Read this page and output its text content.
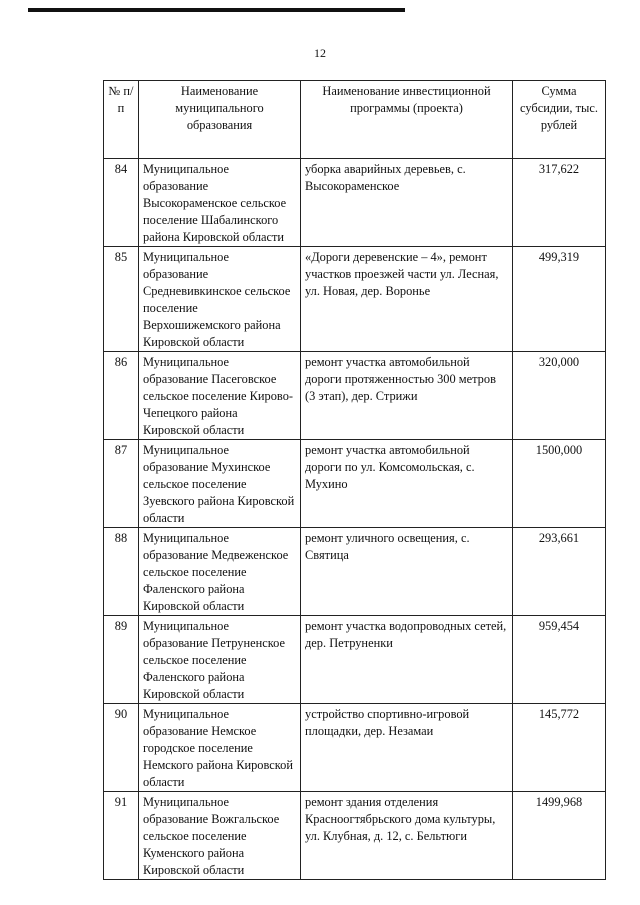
12
№ п/п	Наименование муниципального образования	Наименование инвестиционной программы (проекта)	Сумма субсидии, тыс. рублей
84	Муниципальное образование Высокораменское сельское поселение Шабалинского района Кировской области	уборка аварийных деревьев, с. Высокораменское	317,622
85	Муниципальное образование Средневивкинское сельское поселение Верхошижемского района Кировской области	«Дороги деревенские – 4», ремонт участков проезжей части ул. Лесная, ул. Новая, дер. Воронье	499,319
86	Муниципальное образование Пасеговское сельское поселение Кирово-Чепецкого района Кировской области	ремонт участка автомобильной дороги протяженностью 300 метров (3 этап), дер. Стрижи	320,000
87	Муниципальное образование Мухинское сельское поселение Зуевского района Кировской области	ремонт участка автомобильной дороги по ул. Комсомольская, с. Мухино	1500,000
88	Муниципальное образование Медвеженское сельское поселение Фаленского района Кировской области	ремонт уличного освещения, с. Святица	293,661
89	Муниципальное образование Петруненское сельское поселение Фаленского района Кировской области	ремонт участка водопроводных сетей, дер. Петруненки	959,454
90	Муниципальное образование Немское городское поселение Немского района Кировской области	устройство спортивно-игровой площадки, дер. Незамаи	145,772
91	Муниципальное образование Вожгальское сельское поселение Куменского района Кировской области	ремонт здания отделения Красноогтябрьского дома культуры, ул. Клубная, д. 12, с. Бельтюги	1499,968
